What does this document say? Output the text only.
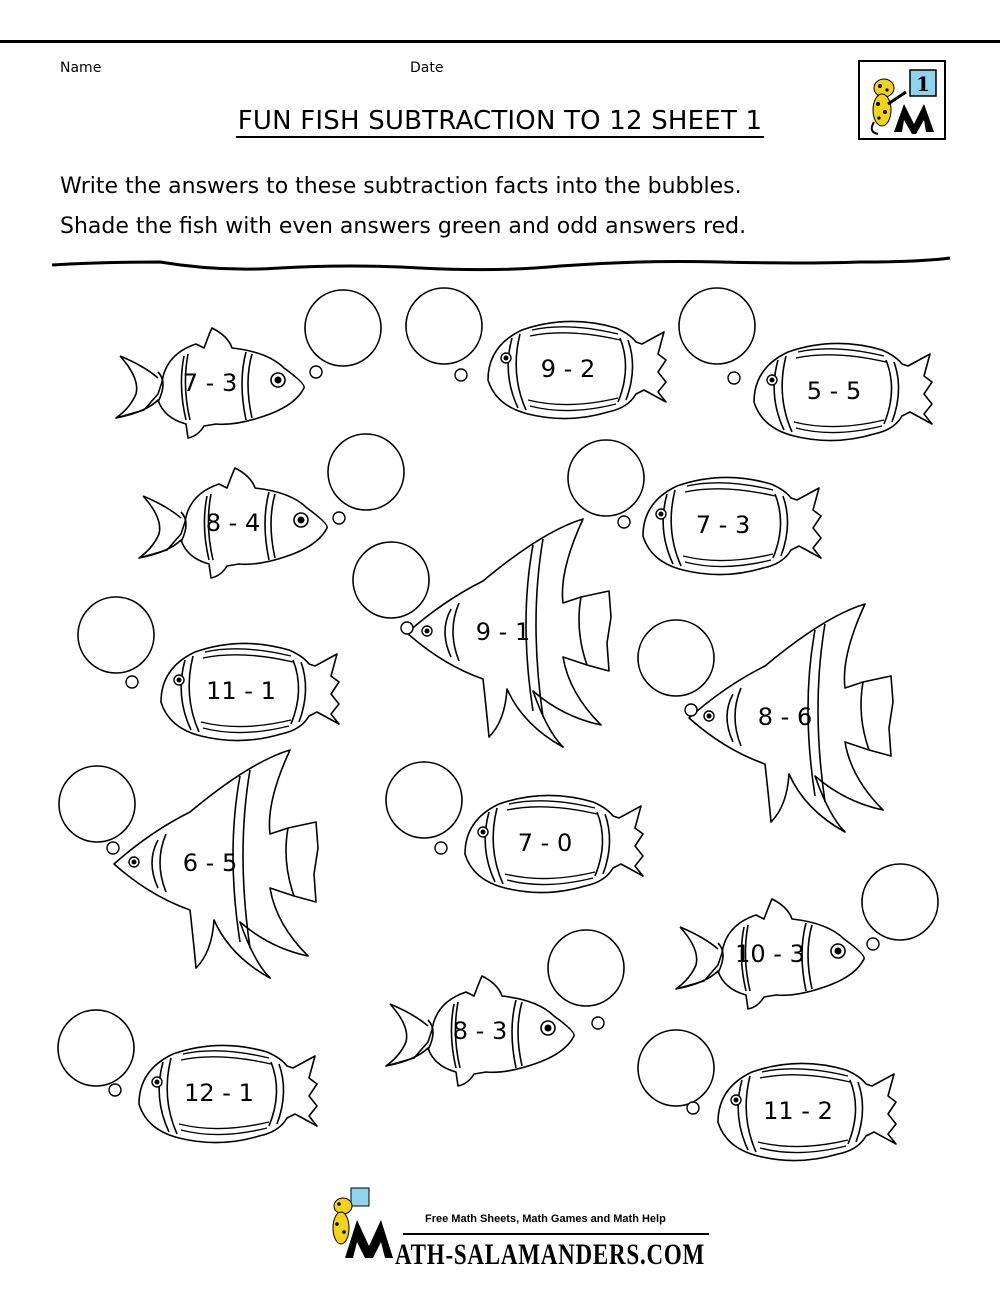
Name	Date
FUN FISH SUBTRACTION TO 12 SHEET 1
1
Write the answers to these subtraction facts into the bubbles.
Shade the fish with even answers green and odd answers red.
7 - 3	9 - 2
5 - 5
8 - 4	7 - 3
9 - 1
11 - 1
8 - 6
6 - 5
7 - 0
10 - 3
8 - 3
12 - 1
11 - 2
Free Math Sheets, Math Games and Math Help
ATH-SALAMANDERS.COM
